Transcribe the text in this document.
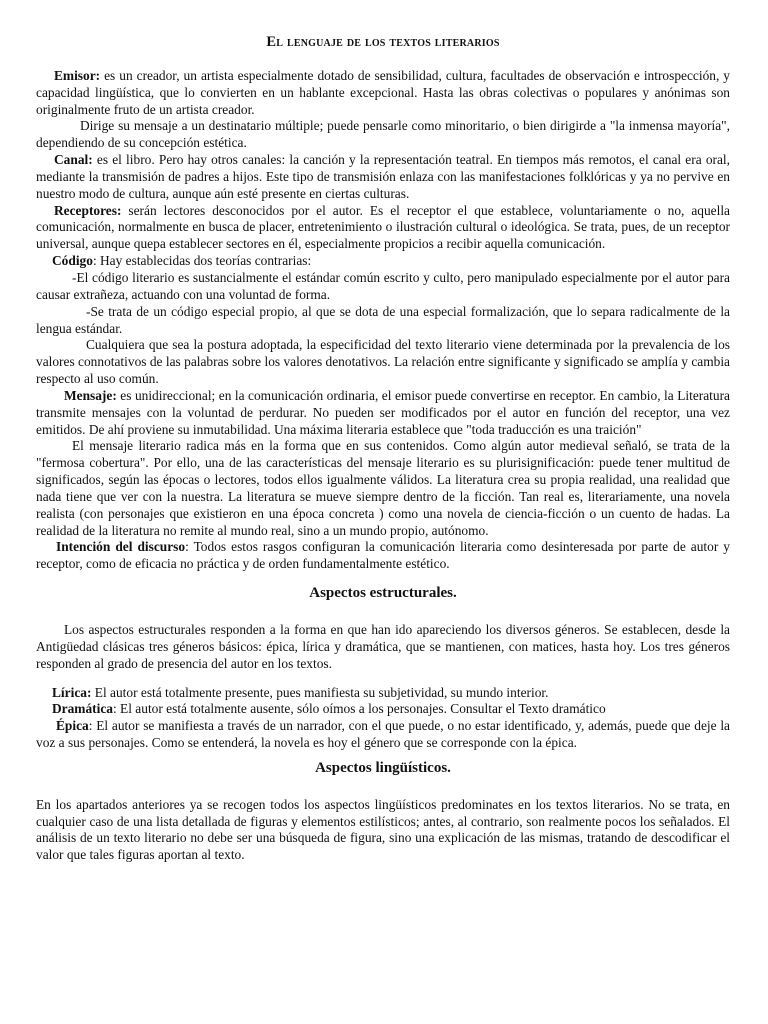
El lenguaje de los textos literarios

Emisor: es un creador, un artista especialmente dotado de sensibilidad, cultura, facultades de observación e introspección, y capacidad lingüística, que lo convierten en un hablante excepcional. Hasta las obras colectivas o populares y anónimas son originalmente fruto de un artista creador.

Dirige su mensaje a un destinatario múltiple; puede pensarle como minoritario, o bien dirigirde a "la inmensa mayoría", dependiendo de su concepción estética.

Canal: es el libro. Pero hay otros canales: la canción y la representación teatral. En tiempos más remotos, el canal era oral, mediante la transmisión de padres a hijos. Este tipo de transmisión enlaza con las manifestaciones folklóricas y ya no pervive en nuestro modo de cultura, aunque aún esté presente en ciertas culturas.

Receptores: serán lectores desconocidos por el autor. Es el receptor el que establece, voluntariamente o no, aquella comunicación, normalmente en busca de placer, entretenimiento o ilustración cultural o ideológica. Se trata, pues, de un receptor universal, aunque quepa establecer sectores en él, especialmente propicios a recibir aquella comunicación.

Código: Hay establecidas dos teorías contrarias:

-El código literario es sustancialmente el estándar común escrito y culto, pero manipulado especialmente por el autor para causar extrañeza, actuando con una voluntad de forma.

-Se trata de un código especial propio, al que se dota de una especial formalización, que lo separa radicalmente de la lengua estándar.

Cualquiera que sea la postura adoptada, la especificidad del texto literario viene determinada por la prevalencia de los valores connotativos de las palabras sobre los valores denotativos. La relación entre significante y significado se amplía y cambia respecto al uso común.

Mensaje: es unidireccional; en la comunicación ordinaria, el emisor puede convertirse en receptor. En cambio, la Literatura transmite mensajes con la voluntad de perdurar. No pueden ser modificados por el autor en función del receptor, una vez emitidos. De ahí proviene su inmutabilidad. Una máxima literaria establece que "toda traducción es una traición"

El mensaje literario radica más en la forma que en sus contenidos. Como algún autor medieval señaló, se trata de la "fermosa cobertura". Por ello, una de las características del mensaje literario es su plurisignificación: puede tener multitud de significados, según las épocas o lectores, todos ellos igualmente válidos. La literatura crea su propia realidad, una realidad que nada tiene que ver con la nuestra. La literatura se mueve siempre dentro de la ficción. Tan real es, literariamente, una novela realista (con personajes que existieron en una época concreta ) como una novela de ciencia-ficción o un cuento de hadas. La realidad de la literatura no remite al mundo real, sino a un mundo propio, autónomo.

Intención del discurso: Todos estos rasgos configuran la comunicación literaria como desinteresada por parte de autor y receptor, como de eficacia no práctica y de orden fundamentalmente estético.

Aspectos estructurales.

Los aspectos estructurales responden a la forma en que han ido apareciendo los diversos géneros. Se establecen, desde la Antigüedad clásicas tres géneros básicos: épica, lírica y dramática, que se mantienen, con matices, hasta hoy. Los tres géneros responden al grado de presencia del autor en los textos.

Lírica: El autor está totalmente presente, pues manifiesta su subjetividad, su mundo interior.

Dramática: El autor está totalmente ausente, sólo oímos a los personajes. Consultar el Texto dramático

Épica: El autor se manifiesta a través de un narrador, con el que puede, o no estar identificado, y, además, puede que deje la voz a sus personajes. Como se entenderá, la novela es hoy el género que se corresponde con la épica.

Aspectos lingüísticos.

En los apartados anteriores ya se recogen todos los aspectos lingüísticos predominates en los textos literarios. No se trata, en cualquier caso de una lista detallada de figuras y elementos estilísticos; antes, al contrario, son realmente pocos los señalados. El análisis de un texto literario no debe ser una búsqueda de figura, sino una explicación de las mismas, tratando de descodificar el valor que tales figuras aportan al texto.
